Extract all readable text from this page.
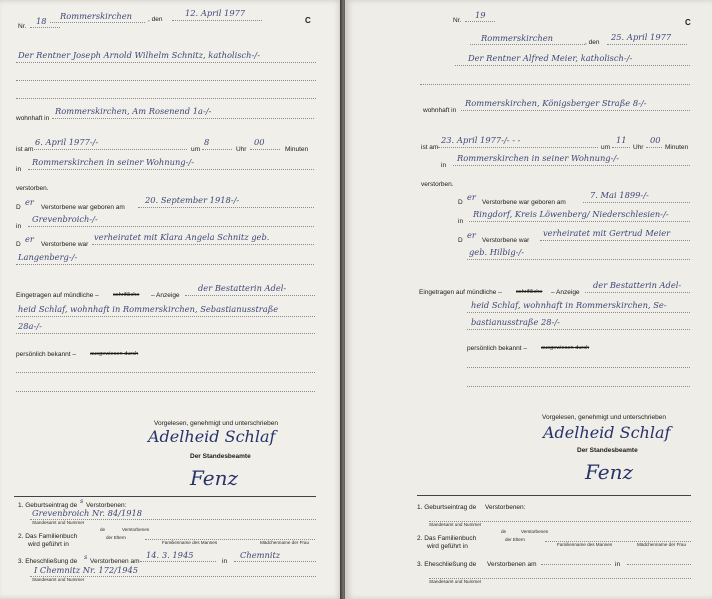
Nr.
18	C
Rommerskirchen , den
12. April 1977
Der Rentner Joseph Arnold Wilhelm Schnitz, katholisch-/-
wohnhaft in
Rommerskirchen, Am Rosenend 1a-/-
ist am
6. April 1977-/-
um
8
Uhr
00
Minuten
in
Rommerskirchen in seiner Wohnung-/-
verstorben.
D
er
Verstorbene war geboren am
20. September 1918-/-
in
Grevenbroich-/-
D
er
Verstorbene war
verheiratet mit Klara Angela Schnitz geb.
Langenberg-/-
Eingetragen auf mündliche –	schriftliche – Anzeige
der Bestatterin Adel-
heid Schlaf, wohnhaft in Rommerskirchen, Sebastianusstraße
28a-/-
persönlich bekannt –	ausgewiesen durch
Vorgelesen, genehmigt und unterschrieben
Adelheid Schlaf
Der Standesbeamte
Fenz
1. Geburtseintrag de
s
Verstorbenen:
Grevenbroich Nr. 84/1918
Standesamt und Nummer
de	Verstorbenen
2. Das Familienbuch	der Eltern
wird geführt in	Familienname des Mannes	Mädchenname der Frau
3. Eheschließung de
s
Verstorbenen am
14. 3. 1945
in
Chemnitz
I Chemnitz Nr. 172/1945
Standesamt und Nummer
Nr.
19
C
Rommerskirchen	, den
25. April 1977
Der Rentner Alfred Meier, katholisch-/-
wohnhaft in
Rommerskirchen, Königsberger Straße 8-/-
ist am
23. April 1977-/- - -
um
11
Uhr
00
Minuten
in
Rommerskirchen in seiner Wohnung-/-
verstorben.
D
er
Verstorbene war geboren am
7. Mai 1899-/-
in
Ringdorf, Kreis Löwenberg/ Niederschlesien-/-
D
er
Verstorbene war
verheiratet mit Gertrud Meier
geb. Hilbig-/-
Eingetragen auf mündliche –	schriftliche – Anzeige
der Bestatterin Adel-
heid Schlaf, wohnhaft in Rommerskirchen, Se-
bastianusstraße 28-/-
persönlich bekannt –	ausgewiesen durch
Vorgelesen, genehmigt und unterschrieben
Adelheid Schlaf
Der Standesbeamte
Fenz
1. Geburtseintrag de Verstorbenen:
Standesamt und Nummer
de	Verstorbenen
2. Das Familienbuch	der Eltern
wird geführt in	Familienname des Mannes	Mädchenname der Frau
3. Eheschließung de Verstorbenen am	in
Standesamt und Nummer
